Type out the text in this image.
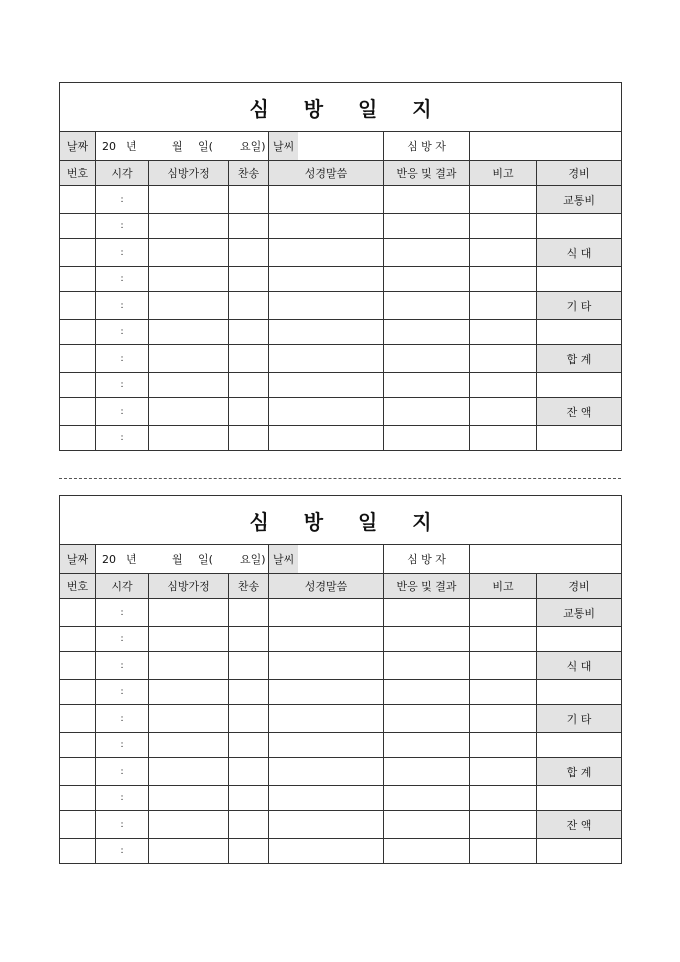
심 방 일 지							
날짜	20 년 월 일( 요일)			날씨	심 방 자		
번호	시각	심방가정	찬송	성경말씀	반응 및 결과	비고	경비
	:						교통비
	:						
	:						식 대
	:						
	:						기 타
	:						
	:						합 계
	:						
	:						잔 액
	:						
심 방 일 지							
날짜	20 년 월 일( 요일)			날씨	심 방 자		
번호	시각	심방가정	찬송	성경말씀	반응 및 결과	비고	경비
	:						교통비
	:						
	:						식 대
	:						
	:						기 타
	:						
	:						합 계
	:						
	:						잔 액
	:						
